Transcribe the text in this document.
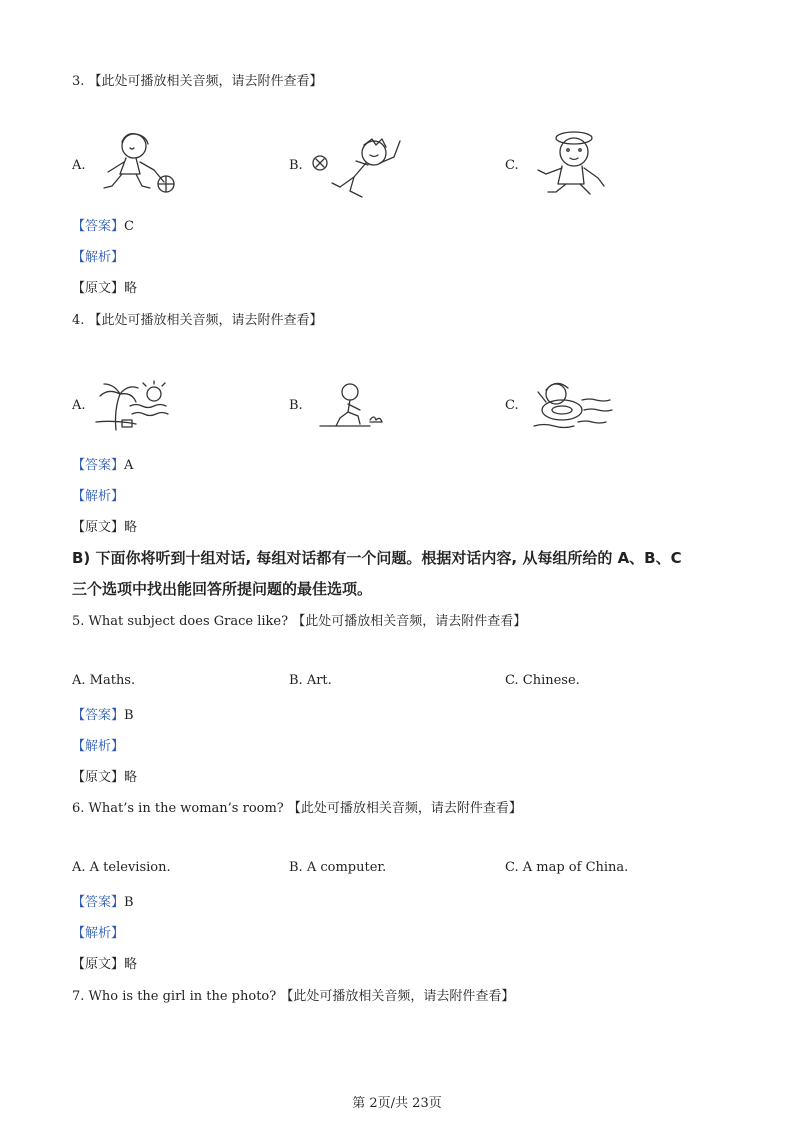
3. 【此处可播放相关音频，请去附件查看】
A.	B.	C.
【答案】C
【解析】
【原文】略
4. 【此处可播放相关音频，请去附件查看】
A.	B.	C.
【答案】A
【解析】
【原文】略
B) 下面你将听到十组对话, 每组对话都有一个问题。根据对话内容, 从每组所给的 A、B、C
三个选项中找出能回答所提问题的最佳选项。
5. What subject does Grace like? 【此处可播放相关音频，请去附件查看】
A. Maths.	B. Art.	C. Chinese.
【答案】B
【解析】
【原文】略
6. What’s in the woman’s room? 【此处可播放相关音频，请去附件查看】
A. A television.	B. A computer.	C. A map of China.
【答案】B
【解析】
【原文】略
7. Who is the girl in the photo? 【此处可播放相关音频，请去附件查看】
第 2页/共 23页
